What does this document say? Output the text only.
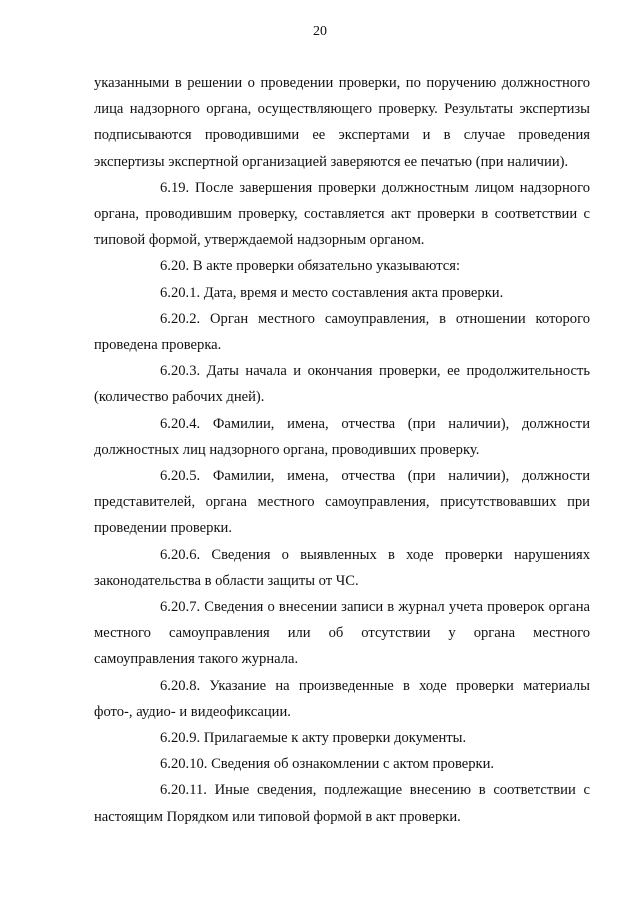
20

указанными в решении о проведении проверки, по поручению должностного лица надзорного органа, осуществляющего проверку. Результаты экспертизы подписываются проводившими ее экспертами и в случае проведения экспертизы экспертной организацией заверяются ее печатью (при наличии).

6.19. После завершения проверки должностным лицом надзорного органа, проводившим проверку, составляется акт проверки в соответствии с типовой формой, утверждаемой надзорным органом.

6.20. В акте проверки обязательно указываются:

6.20.1. Дата, время и место составления акта проверки.

6.20.2. Орган местного самоуправления, в отношении которого проведена проверка.

6.20.3. Даты начала и окончания проверки, ее продолжительность (количество рабочих дней).

6.20.4. Фамилии, имена, отчества (при наличии), должности должностных лиц надзорного органа, проводивших проверку.

6.20.5. Фамилии, имена, отчества (при наличии), должности представителей, органа местного самоуправления, присутствовавших при проведении проверки.

6.20.6. Сведения о выявленных в ходе проверки нарушениях законодательства в области защиты от ЧС.

6.20.7. Сведения о внесении записи в журнал учета проверок органа местного самоуправления или об отсутствии у органа местного самоуправления такого журнала.

6.20.8. Указание на произведенные в ходе проверки материалы фото-, аудио- и видеофиксации.

6.20.9. Прилагаемые к акту проверки документы.

6.20.10. Сведения об ознакомлении с актом проверки.

6.20.11. Иные сведения, подлежащие внесению в соответствии с настоящим Порядком или типовой формой в акт проверки.
